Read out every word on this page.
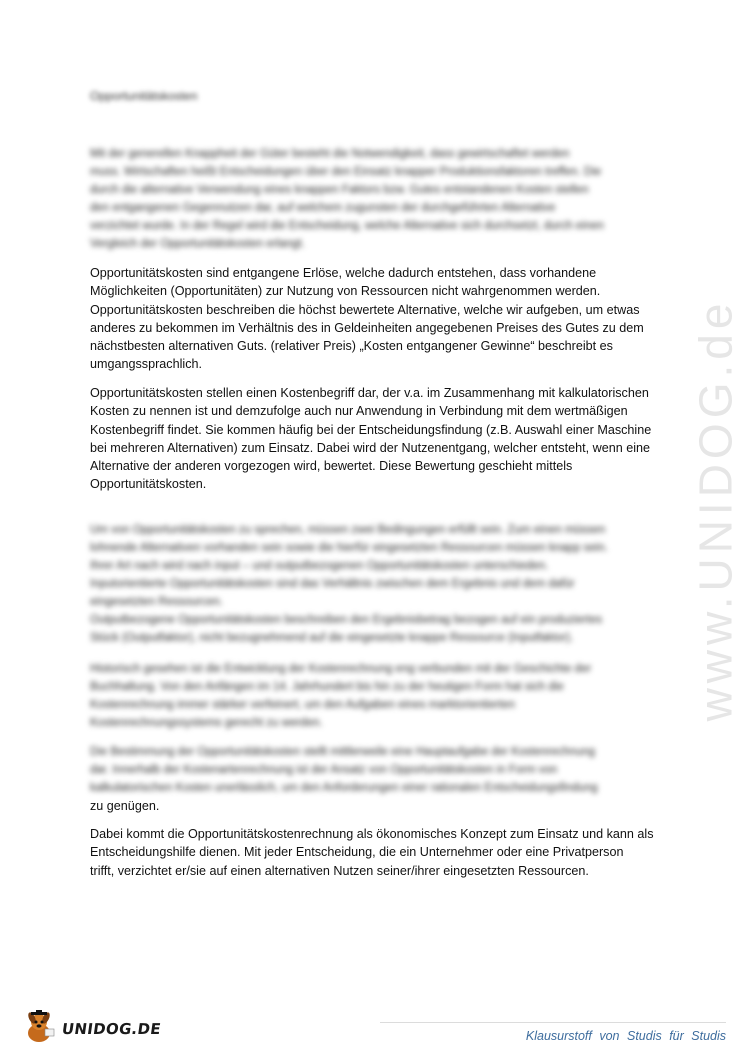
Opportunitätskosten
Mit der generellen Knappheit der Güter besteht die Notwendigkeit, dass gewirtschaftet werden
muss. Wirtschaften heißt Entscheidungen über den Einsatz knapper Produktionsfaktoren treffen. Die
durch die alternative Verwendung eines knappen Faktors bzw. Gutes entstandenen Kosten stellen
den entgangenen Gegennutzen dar, auf welchem zugunsten der durchgeführten Alternative
verzichtet wurde. In der Regel wird die Entscheidung, welche Alternative sich durchsetzt, durch einen
Vergleich der Opportunitätskosten erlangt.
Opportunitätskosten sind entgangene Erlöse, welche dadurch entstehen, dass vorhandene
Möglichkeiten (Opportunitäten) zur Nutzung von Ressourcen nicht wahrgenommen werden.
Opportunitätskosten beschreiben die höchst bewertete Alternative, welche wir aufgeben, um etwas
anderes zu bekommen im Verhältnis des in Geldeinheiten angegebenen Preises des Gutes zu dem
nächstbesten alternativen Guts. (relativer Preis) „Kosten entgangener Gewinne“ beschreibt es
umgangssprachlich.
Opportunitätskosten stellen einen Kostenbegriff dar, der v.a. im Zusammenhang mit kalkulatorischen
Kosten zu nennen ist und demzufolge auch nur Anwendung in Verbindung mit dem wertmäßigen
Kostenbegriff findet. Sie kommen häufig bei der Entscheidungsfindung (z.B. Auswahl einer Maschine
bei mehreren Alternativen) zum Einsatz. Dabei wird der Nutzenentgang, welcher entsteht, wenn eine
Alternative der anderen vorgezogen wird, bewertet. Diese Bewertung geschieht mittels
Opportunitätskosten.
Um von Opportunitätskosten zu sprechen, müssen zwei Bedingungen erfüllt sein. Zum einen müssen
lohnende Alternativen vorhanden sein sowie die hierfür eingesetzten Ressourcen müssen knapp sein.
Ihrer Art nach wird nach input – und outputbezogenen Opportunitätskosten unterschieden.
Inputorientierte Opportunitätskosten sind das Verhältnis zwischen dem Ergebnis und dem dafür
eingesetzten Ressourcen.
Outputbezogene Opportunitätskosten beschreiben den Ergebnisbetrag bezogen auf ein produziertes
Stück (Outputfaktor), nicht bezugnehmend auf die eingesetzte knappe Ressource (Inputfaktor).
Historisch gesehen ist die Entwicklung der Kostenrechnung eng verbunden mit der Geschichte der
Buchhaltung. Von den Anfängen im 14. Jahrhundert bis hin zu der heutigen Form hat sich die
Kostenrechnung immer stärker verfeinert, um den Aufgaben eines marktorientierten
Kostenrechnungssystems gerecht zu werden.
Die Bestimmung der Opportunitätskosten stellt mittlerweile eine Hauptaufgabe der Kostenrechnung
dar. Innerhalb der Kostenartenrechnung ist der Ansatz von Opportunitätskosten in Form von
kalkulatorischen Kosten unerlässlich, um den Anforderungen einer rationalen Entscheidungsfindung
zu genügen.
Dabei kommt die Opportunitätskostenrechnung als ökonomisches Konzept zum Einsatz und kann als
Entscheidungshilfe dienen. Mit jeder Entscheidung, die ein Unternehmer oder eine Privatperson
trifft, verzichtet er/sie auf einen alternativen Nutzen seiner/ihrer eingesetzten Ressourcen.
www.UNIDOG.de
UNIDOG.DE	Klausurstoff von Studis für Studis
